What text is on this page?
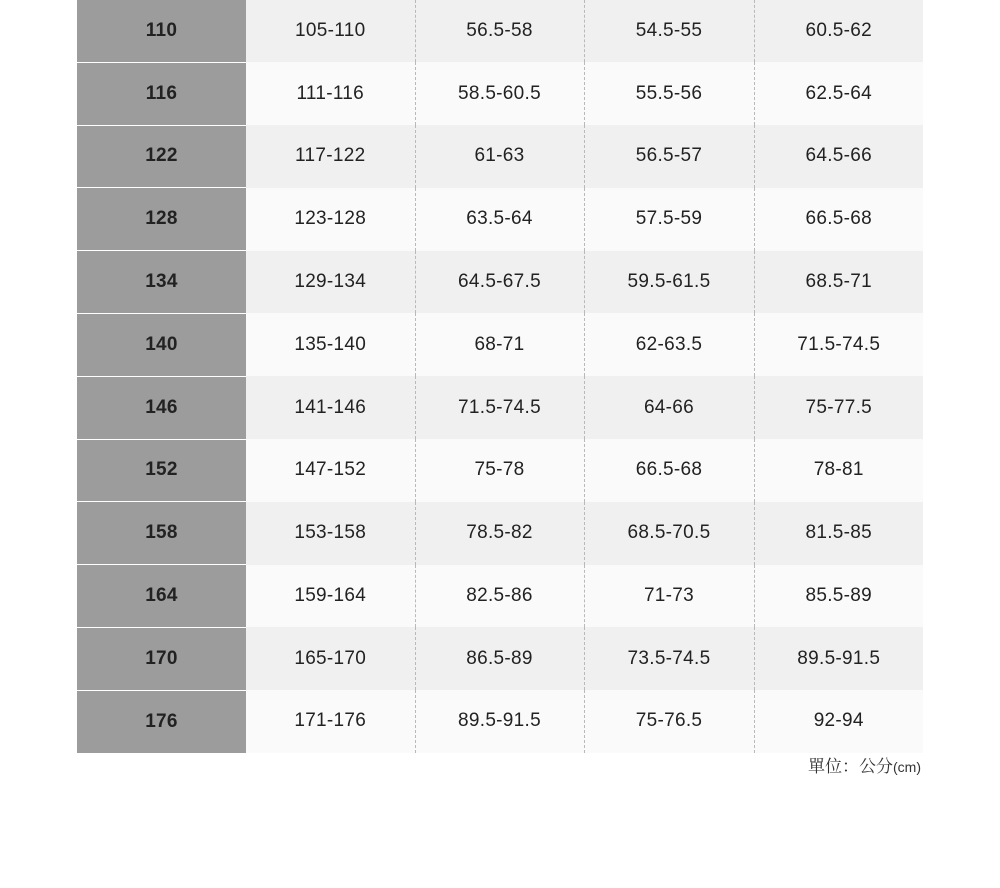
110	105-110	56.5-58	54.5-55	60.5-62
116	111-116	58.5-60.5	55.5-56	62.5-64
122	117-122	61-63	56.5-57	64.5-66
128	123-128	63.5-64	57.5-59	66.5-68
134	129-134	64.5-67.5	59.5-61.5	68.5-71
140	135-140	68-71	62-63.5	71.5-74.5
146	141-146	71.5-74.5	64-66	75-77.5
152	147-152	75-78	66.5-68	78-81
158	153-158	78.5-82	68.5-70.5	81.5-85
164	159-164	82.5-86	71-73	85.5-89
170	165-170	86.5-89	73.5-74.5	89.5-91.5
176	171-176	89.5-91.5	75-76.5	92-94
單位：公分(cm)
